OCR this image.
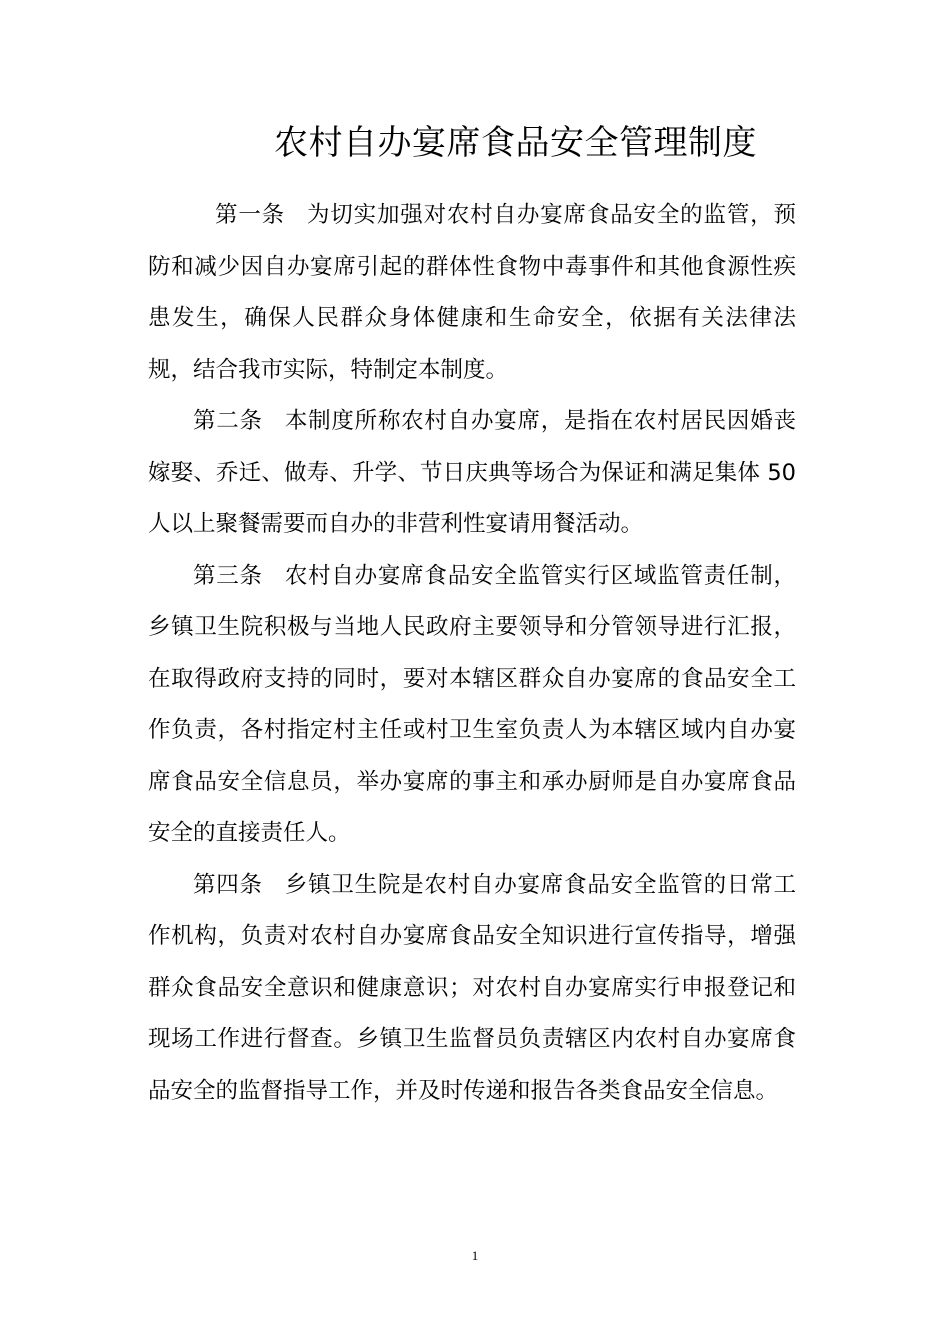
农村自办宴席食品安全管理制度

第一条 为切实加强对农村自办宴席食品安全的监管，预防和减少因自办宴席引起的群体性食物中毒事件和其他食源性疾患发生，确保人民群众身体健康和生命安全，依据有关法律法规，结合我市实际，特制定本制度。

第二条 本制度所称农村自办宴席，是指在农村居民因婚丧嫁娶、乔迁、做寿、升学、节日庆典等场合为保证和满足集体 50 人以上聚餐需要而自办的非营利性宴请用餐活动。

第三条 农村自办宴席食品安全监管实行区域监管责任制，乡镇卫生院积极与当地人民政府主要领导和分管领导进行汇报，在取得政府支持的同时，要对本辖区群众自办宴席的食品安全工作负责，各村指定村主任或村卫生室负责人为本辖区域内自办宴席食品安全信息员，举办宴席的事主和承办厨师是自办宴席食品安全的直接责任人。

第四条 乡镇卫生院是农村自办宴席食品安全监管的日常工作机构，负责对农村自办宴席食品安全知识进行宣传指导，增强群众食品安全意识和健康意识；对农村自办宴席实行申报登记和现场工作进行督查。乡镇卫生监督员负责辖区内农村自办宴席食品安全的监督指导工作，并及时传递和报告各类食品安全信息。

1
